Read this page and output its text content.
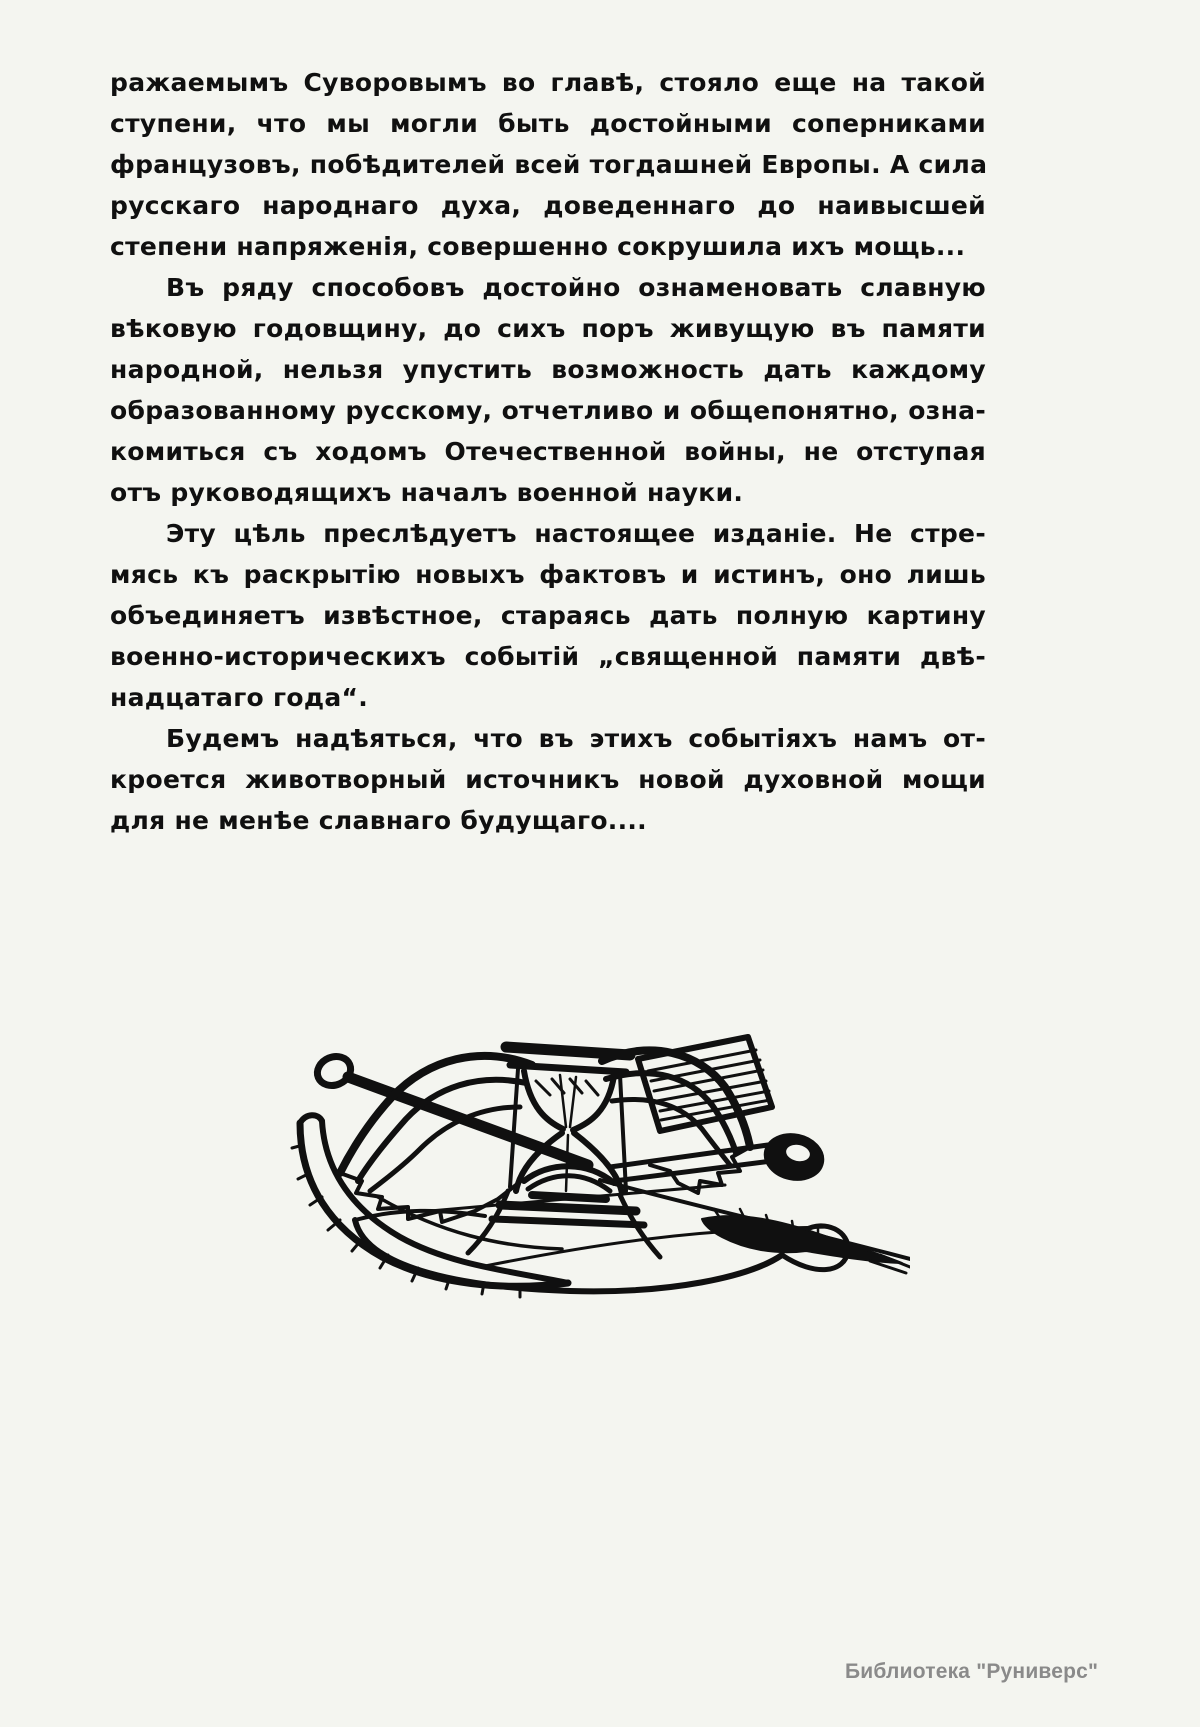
ражаемымъ Суворовымъ во главѣ, стояло еще на такой

ступени, что мы могли быть достойными соперниками

французовъ, побѣдителей всей тогдашней Европы. А сила

русскаго народнаго духа, доведеннаго до наивысшей

степени напряженія, совершенно сокрушила ихъ мощь...

Въ ряду способовъ достойно ознаменовать славную

вѣковую годовщину, до сихъ поръ живущую въ памяти

народной, нельзя упустить возможность дать каждому

образованному русскому, отчетливо и общепонятно, озна-

комиться съ ходомъ Отечественной войны, не отступая

отъ руководящихъ началъ военной науки.

Эту цѣль преслѣдуетъ настоящее изданіе. Не стре-

мясь къ раскрытію новыхъ фактовъ и истинъ, оно лишь

объединяетъ извѣстное, стараясь дать полную картину

военно-историческихъ событій „священной памяти двѣ-

надцатаго года“.

Будемъ надѣяться, что въ этихъ событіяхъ намъ от-

кроется животворный источникъ новой духовной мощи

для не менѣе славнаго будущаго....

Библиотека "Руниверс"
